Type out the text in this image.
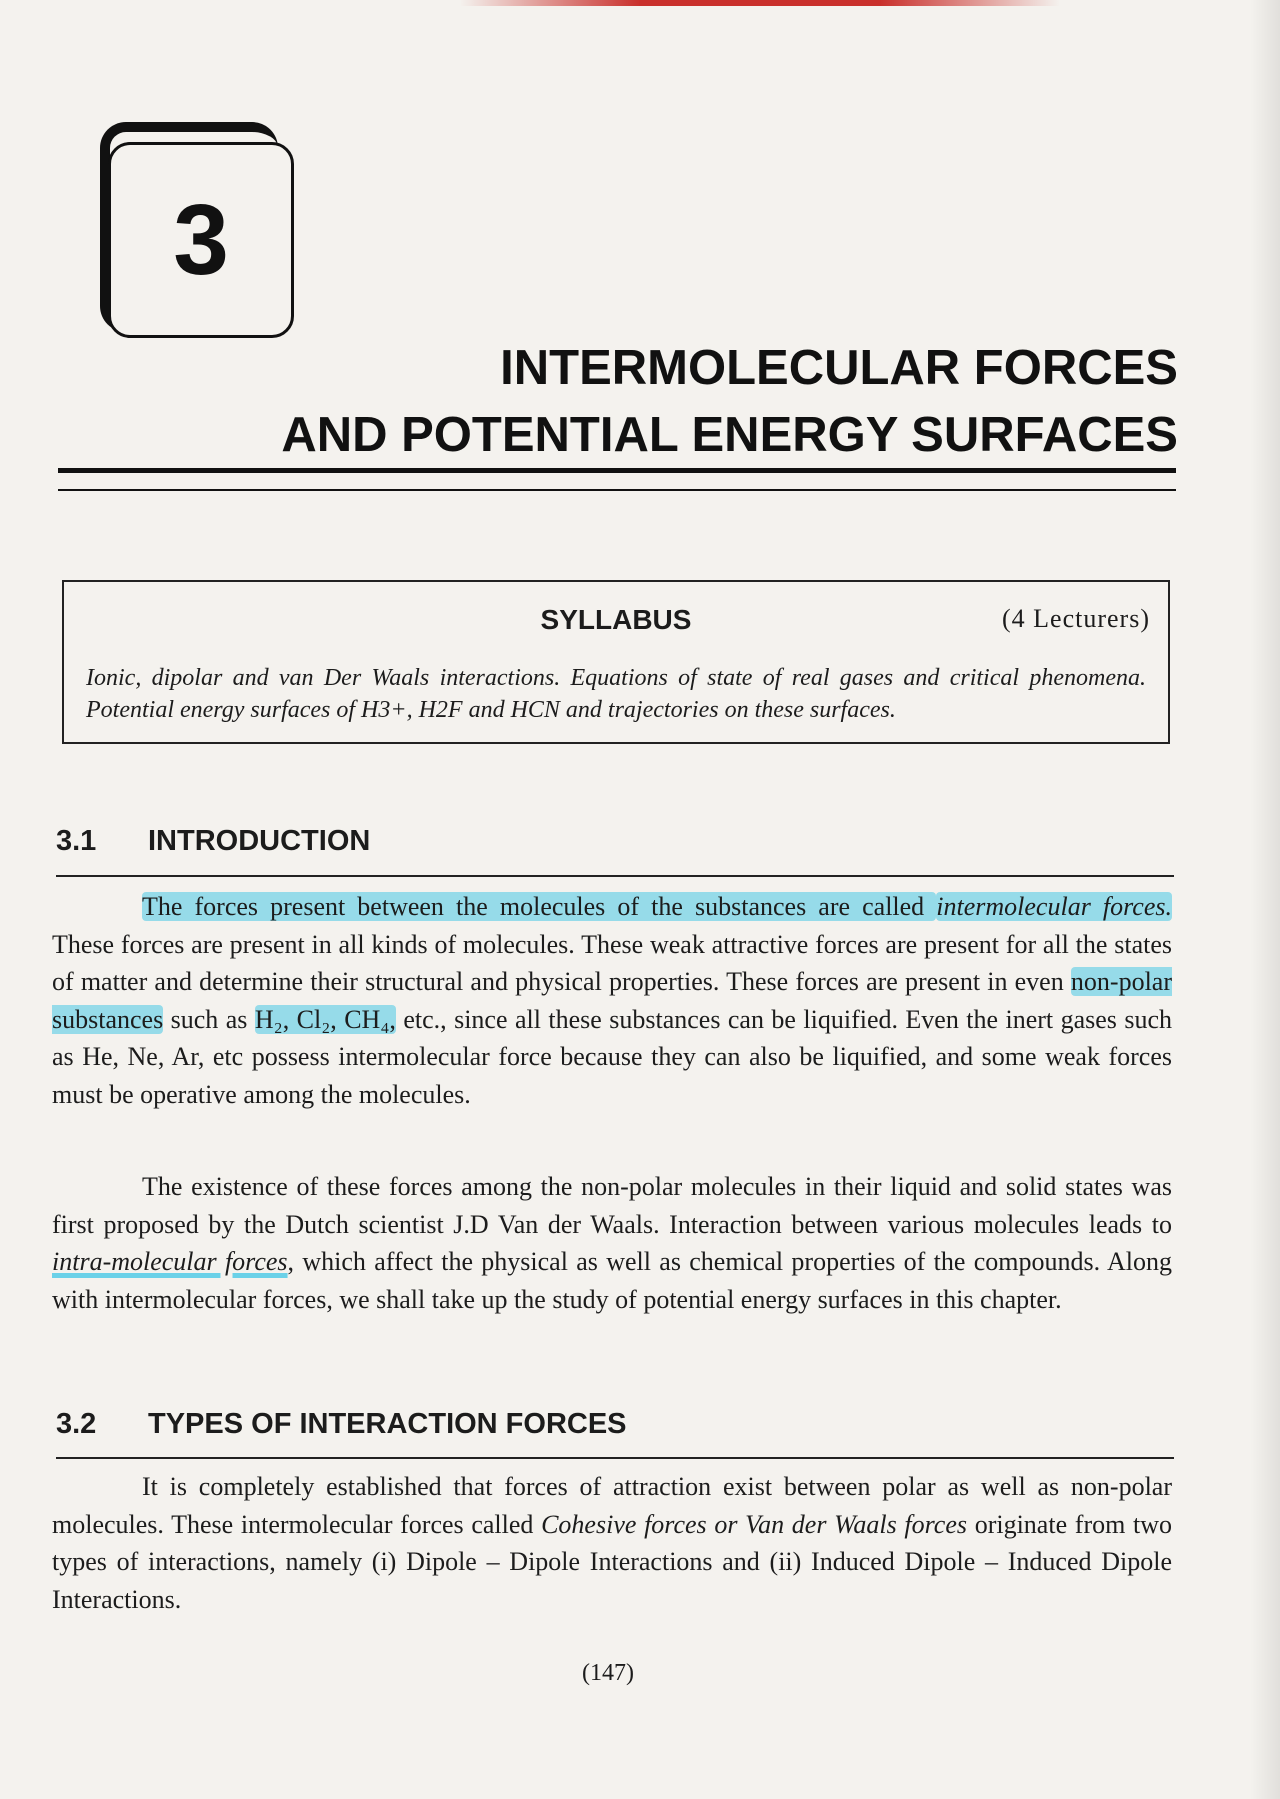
3
INTERMOLECULAR FORCES
AND POTENTIAL ENERGY SURFACES
SYLLABUS	(4 Lecturers)
Ionic, dipolar and van Der Waals interactions. Equations of state of real gases and critical phenomena. Potential energy surfaces of H3+, H2F and HCN and trajectories on these surfaces.
3.1 INTRODUCTION
The forces present between the molecules of the substances are called intermolecular forces. These forces are present in all kinds of molecules. These weak attractive forces are present for all the states of matter and determine their structural and physical properties. These forces are present in even non-polar substances such as H₂, Cl₂, CH₄, etc., since all these substances can be liquified. Even the inert gases such as He, Ne, Ar, etc possess intermolecular force because they can also be liquified, and some weak forces must be operative among the molecules.
The existence of these forces among the non-polar molecules in their liquid and solid states was first proposed by the Dutch scientist J.D Van der Waals. Interaction between various molecules leads to intra-molecular forces, which affect the physical as well as chemical properties of the compounds. Along with intermolecular forces, we shall take up the study of potential energy surfaces in this chapter.
3.2 TYPES OF INTERACTION FORCES
It is completely established that forces of attraction exist between polar as well as non-polar molecules. These intermolecular forces called Cohesive forces or Van der Waals forces originate from two types of interactions, namely (i) Dipole – Dipole Interactions and (ii) Induced Dipole – Induced Dipole Interactions.
(147)
